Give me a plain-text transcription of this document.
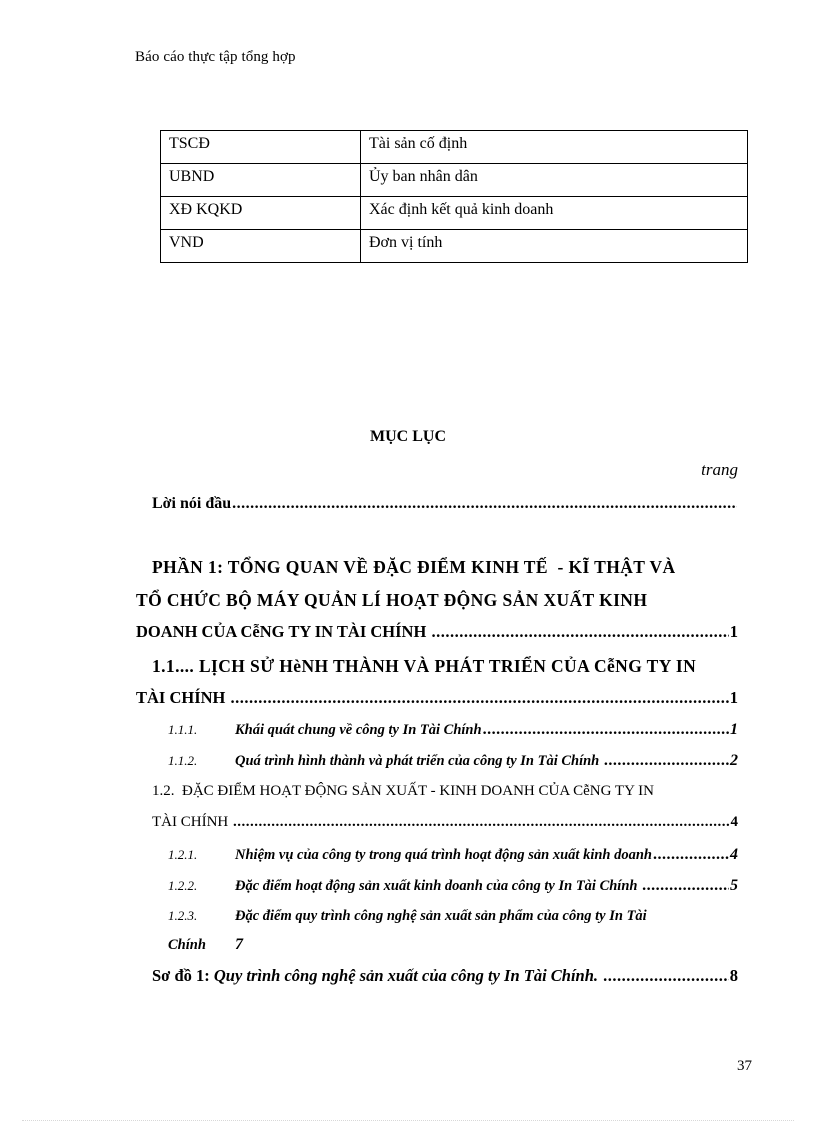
Báo cáo thực tập tổng hợp
TSCĐ	Tài sản cố định
UBND	Ủy ban nhân dân
XĐ KQKD	Xác định kết quả kinh doanh
VND	Đơn vị tính
MỤC LỤC
trang
Lời nói đầu
.....
PHẦN 1: TỔNG QUAN VỀ ĐẶC ĐIỂM KINH TẾ  - KĨ THẬT VÀ
TỔ CHỨC BỘ MÁY QUẢN LÍ HOẠT ĐỘNG SẢN XUẤT KINH
DOANH CỦA CễNG TY IN TÀI CHÍNH .....	1
1.1.... LỊCH SỬ HèNH THÀNH VÀ PHÁT TRIỂN CỦA CễNG TY IN
TÀI CHÍNH .....	1
1.1.1.	Khái quát chung về công ty In Tài Chính .....	1
1.1.2.	Quá trình hình thành và phát triển của công ty In Tài Chính .....	2
1.2.  ĐẶC ĐIỂM HOẠT ĐỘNG SẢN XUẤT - KINH DOANH CỦA CễNG TY IN
TÀI CHÍNH .....	4
1.2.1.	Nhiệm vụ của công ty trong quá trình hoạt động sản xuất kinh doanh .....	4
1.2.2.	Đặc điểm hoạt động sản xuất kinh doanh của công ty In Tài Chính .....	5
1.2.3.	Đặc điểm quy trình công nghệ sản xuất sản phẩm của công ty In Tài
Chính	7
Sơ đồ 1: Quy trình công nghệ sản xuất của công ty In Tài Chính. .....	8
37
